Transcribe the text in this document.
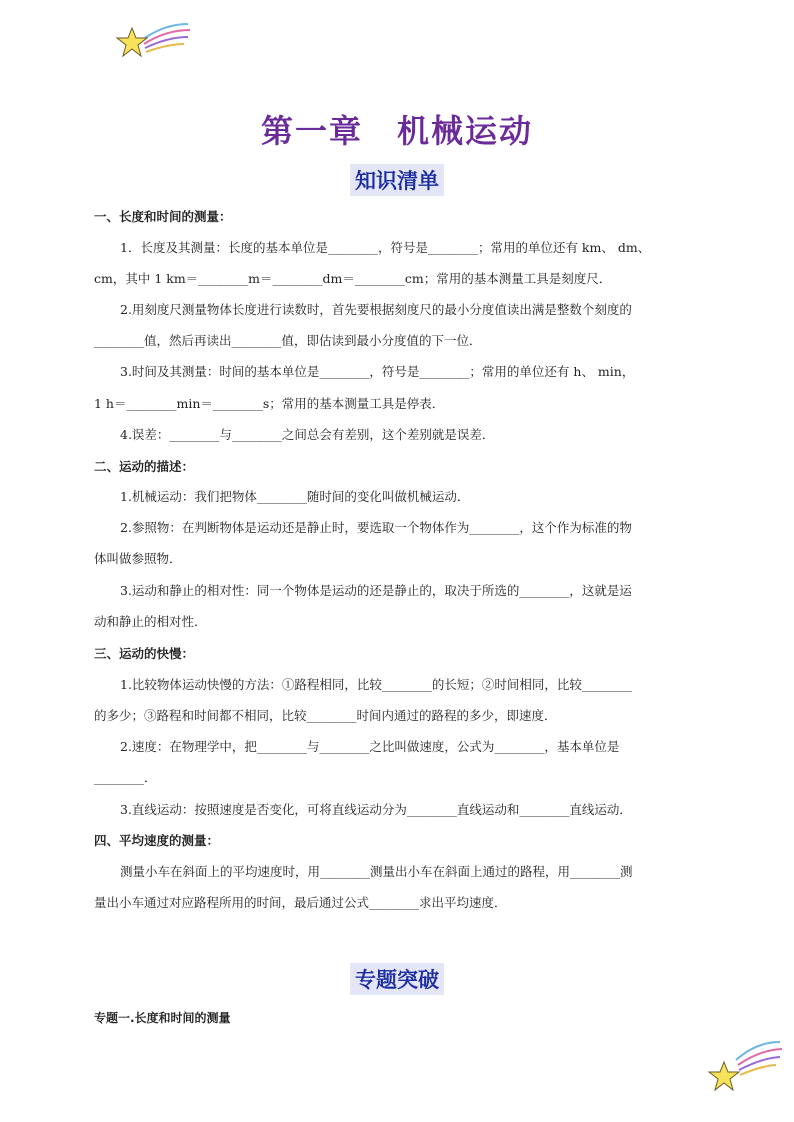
第一章　机械运动
知识清单
一、长度和时间的测量：
1．长度及其测量：长度的基本单位是________，符号是________；常用的单位还有 km、 dm、
cm，其中 1 km＝________m＝________dm＝________cm；常用的基本测量工具是刻度尺．
2.用刻度尺测量物体长度进行读数时，首先要根据刻度尺的最小分度值读出满是整数个刻度的
________值，然后再读出________值，即估读到最小分度值的下一位．
3.时间及其测量：时间的基本单位是________，符号是________；常用的单位还有 h、 min，
1 h＝________min＝________s；常用的基本测量工具是停表．
4.误差：________与________之间总会有差别，这个差别就是误差．
二、运动的描述：
1.机械运动：我们把物体________随时间的变化叫做机械运动．
2.参照物：在判断物体是运动还是静止时，要选取一个物体作为________，这个作为标准的物
体叫做参照物．
3.运动和静止的相对性：同一个物体是运动的还是静止的，取决于所选的________，这就是运
动和静止的相对性．
三、运动的快慢：
1.比较物体运动快慢的方法：①路程相同，比较________的长短；②时间相同，比较________
的多少；③路程和时间都不相同，比较________时间内通过的路程的多少，即速度．
2.速度：在物理学中，把________与________之比叫做速度，公式为________，基本单位是
________．
3.直线运动：按照速度是否变化，可将直线运动分为________直线运动和________直线运动．
四、平均速度的测量：
测量小车在斜面上的平均速度时，用________测量出小车在斜面上通过的路程，用________测
量出小车通过对应路程所用的时间，最后通过公式________求出平均速度．
专题突破
专题一.长度和时间的测量
